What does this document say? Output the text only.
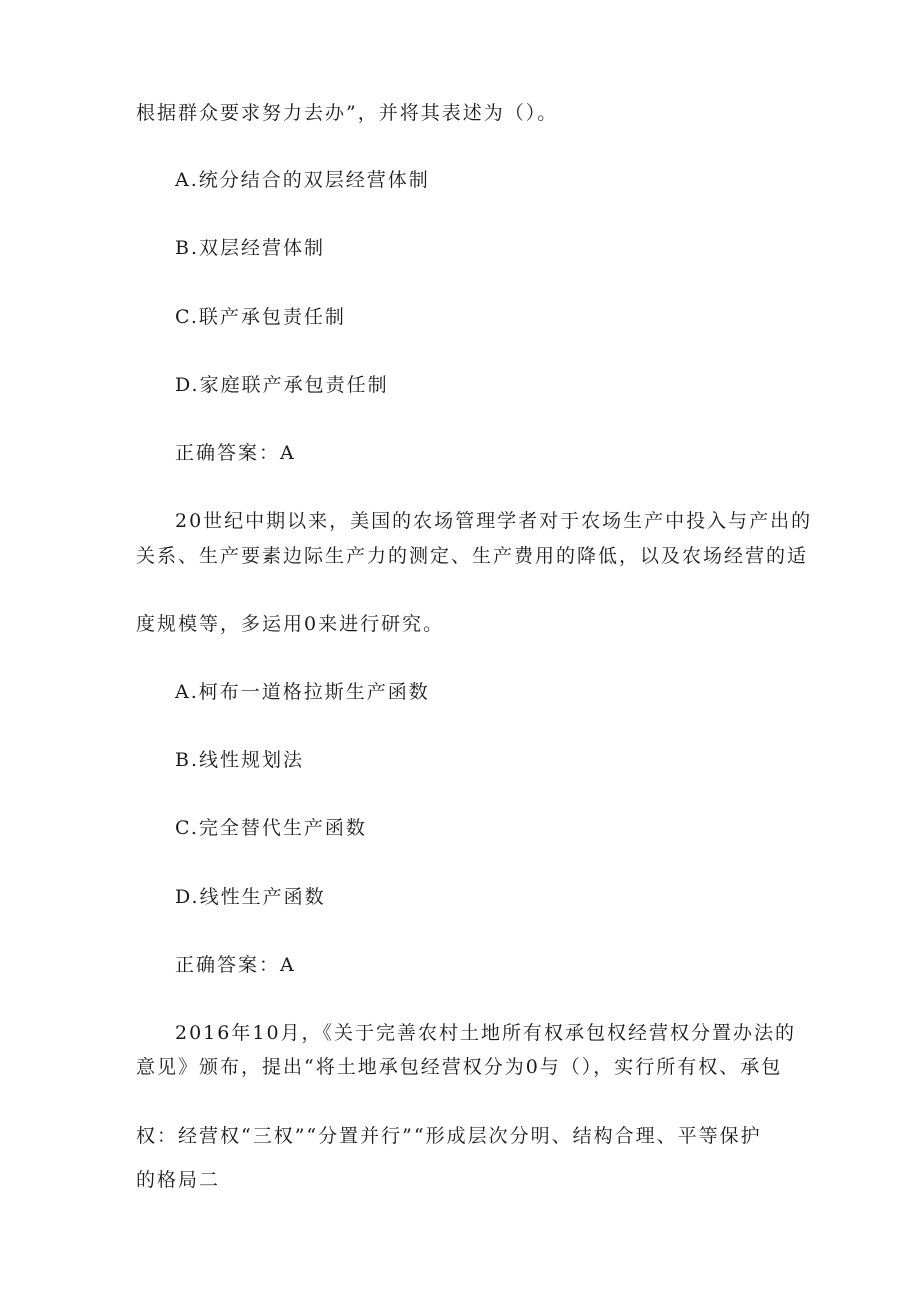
根据群众要求努力去办”，并将其表述为（）。
A.统分结合的双层经营体制
B.双层经营体制
C.联产承包责任制
D.家庭联产承包责任制
正确答案：A
20世纪中期以来，美国的农场管理学者对于农场生产中投入与产出的
关系、生产要素边际生产力的测定、生产费用的降低，以及农场经营的适
度规模等，多运用0来进行研究。
A.柯布一道格拉斯生产函数
B.线性规划法
C.完全替代生产函数
D.线性生产函数
正确答案：A
2016年10月，《关于完善农村土地所有权承包权经营权分置办法的
意见》颁布，提出“将土地承包经营权分为0与（），实行所有权、承包
权：经营权“三权”“分置并行”“形成层次分明、结构合理、平等保护
的格局二
